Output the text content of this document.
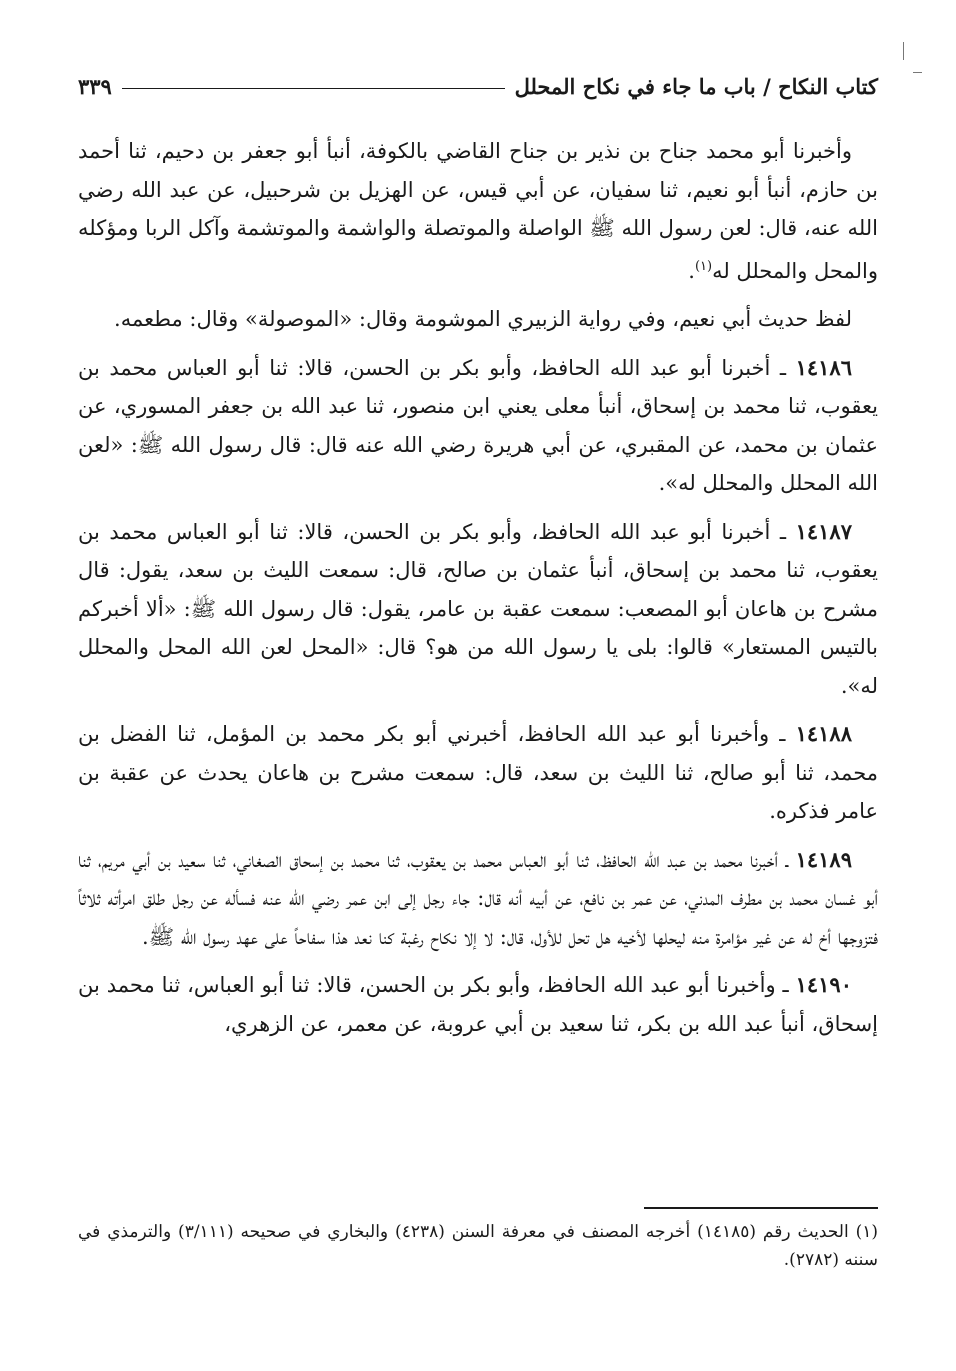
كتاب النكاح / باب ما جاء في نكاح المحلل
٣٣٩

وأخبرنا أبو محمد جناح بن نذير بن جناح القاضي بالكوفة، أنبأ أبو جعفر بن دحيم، ثنا أحمد بن حازم، أنبأ أبو نعيم، ثنا سفيان، عن أبي قيس، عن الهزيل بن شرحبيل، عن عبد الله رضي الله عنه، قال: لعن رسول الله ﷺ الواصلة والموتصلة والواشمة والموتشمة وآكل الربا ومؤكله والمحل والمحلل له$^{(١)}$.

لفظ حديث أبي نعيم، وفي رواية الزبيري الموشومة وقال: «الموصولة» وقال: مطعمه.

١٤١٨٦ ـ أخبرنا أبو عبد الله الحافظ، وأبو بكر بن الحسن، قالا: ثنا أبو العباس محمد بن يعقوب، ثنا محمد بن إسحاق، أنبأ معلى يعني ابن منصور، ثنا عبد الله بن جعفر المسوري، عن عثمان بن محمد، عن المقبري، عن أبي هريرة رضي الله عنه قال: قال رسول الله ﷺ: «لعن الله المحلل والمحلل له».

١٤١٨٧ ـ أخبرنا أبو عبد الله الحافظ، وأبو بكر بن الحسن، قالا: ثنا أبو العباس محمد بن يعقوب، ثنا محمد بن إسحاق، أنبأ عثمان بن صالح، قال: سمعت الليث بن سعد، يقول: قال مشرح بن هاعان أبو المصعب: سمعت عقبة بن عامر، يقول: قال رسول الله ﷺ: «ألا أخبركم بالتيس المستعار» قالوا: بلى يا رسول الله من هو؟ قال: «المحل لعن الله المحل والمحلل له».

١٤١٨٨ ـ وأخبرنا أبو عبد الله الحافظ، أخبرني أبو بكر محمد بن المؤمل، ثنا الفضل بن محمد، ثنا أبو صالح، ثنا الليث بن سعد، قال: سمعت مشرح بن هاعان يحدث عن عقبة بن عامر فذكره.

١٤١٨٩ ـ أخبرنا محمد بن عبد الله الحافظ، ثنا أبو العباس محمد بن يعقوب، ثنا محمد بن إسحاق الصغاني، ثنا سعيد بن أبي مريم، ثنا أبو غسان محمد بن مطرف المدني، عن عمر بن نافع، عن أبيه أنه قال: جاء رجل إلى ابن عمر رضي الله عنه فسأله عن رجل طلق امرأته ثلاثاً فتزوجها أخ له عن غير مؤامرة منه ليحلها لأخيه هل تحل للأول، قال: لا إلا نكاح رغبة كنا نعد هذا سفاحاً على عهد رسول الله ﷺ.

١٤١٩٠ ـ وأخبرنا أبو عبد الله الحافظ، وأبو بكر بن الحسن، قالا: ثنا أبو العباس، ثنا محمد بن إسحاق، أنبأ عبد الله بن بكر، ثنا سعيد بن أبي عروبة، عن معمر، عن الزهري،

(١) الحديث رقم (١٤١٨٥) أخرجه المصنف في معرفة السنن (٤٢٣٨) والبخاري في صحيحه (٣/١١١) والترمذي في سننه (٢٧٨٢).
